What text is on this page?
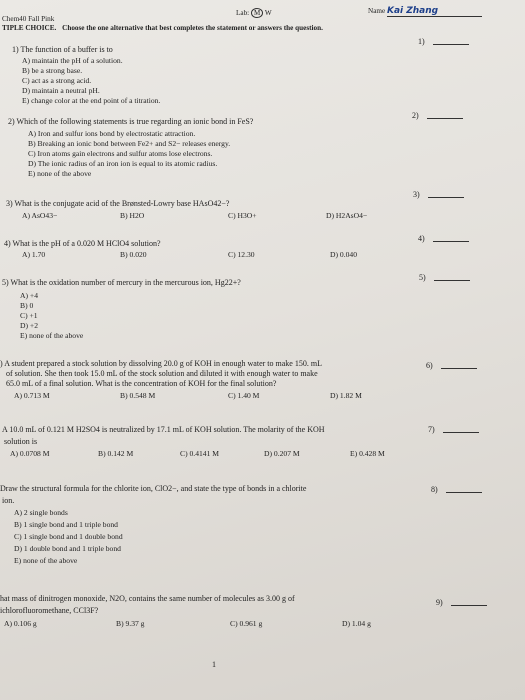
Chem40 Fall Pink
Lab: M W	Name Kai Zhang
TIPLE CHOICE. Choose the one alternative that best completes the statement or answers the question.
1)
1) The function of a buffer is to
A) maintain the pH of a solution.
B) be a strong base.
C) act as a strong acid.
D) maintain a neutral pH.
E) change color at the end point of a titration.
2)
2) Which of the following statements is true regarding an ionic bond in FeS?
A) Iron and sulfur ions bond by electrostatic attraction.
B) Breaking an ionic bond between Fe2+ and S2− releases energy.
C) Iron atoms gain electrons and sulfur atoms lose electrons.
D) The ionic radius of an iron ion is equal to its atomic radius.
E) none of the above
3)
3) What is the conjugate acid of the Brønsted-Lowry base HAsO42−?
A) AsO43−	B) H2O	C) H3O+	D) H2AsO4−
4)
4) What is the pH of a 0.020 M HClO4 solution?
A) 1.70	B) 0.020	C) 12.30	D) 0.040
5)
5) What is the oxidation number of mercury in the mercurous ion, Hg22+?
A) +4
B) 0
C) +1
D) +2
E) none of the above
6)
) A student prepared a stock solution by dissolving 20.0 g of KOH in enough water to make 150. mL
of solution. She then took 15.0 mL of the stock solution and diluted it with enough water to make
65.0 mL of a final solution. What is the concentration of KOH for the final solution?
A) 0.713 M	B) 0.548 M	C) 1.40 M	D) 1.82 M
7)
A 10.0 mL of 0.121 M H2SO4 is neutralized by 17.1 mL of KOH solution. The molarity of the KOH
solution is
A) 0.0708 M	B) 0.142 M	C) 0.4141 M	D) 0.207 M	E) 0.428 M
8)
Draw the structural formula for the chlorite ion, ClO2−, and state the type of bonds in a chlorite
ion.
A) 2 single bonds
B) 1 single bond and 1 triple bond
C) 1 single bond and 1 double bond
D) 1 double bond and 1 triple bond
E) none of the above
9)
hat mass of dinitrogen monoxide, N2O, contains the same number of molecules as 3.00 g of
ichlorofluoromethane, CCl3F?
A) 0.106 g	B) 9.37 g	C) 0.961 g	D) 1.04 g
1
